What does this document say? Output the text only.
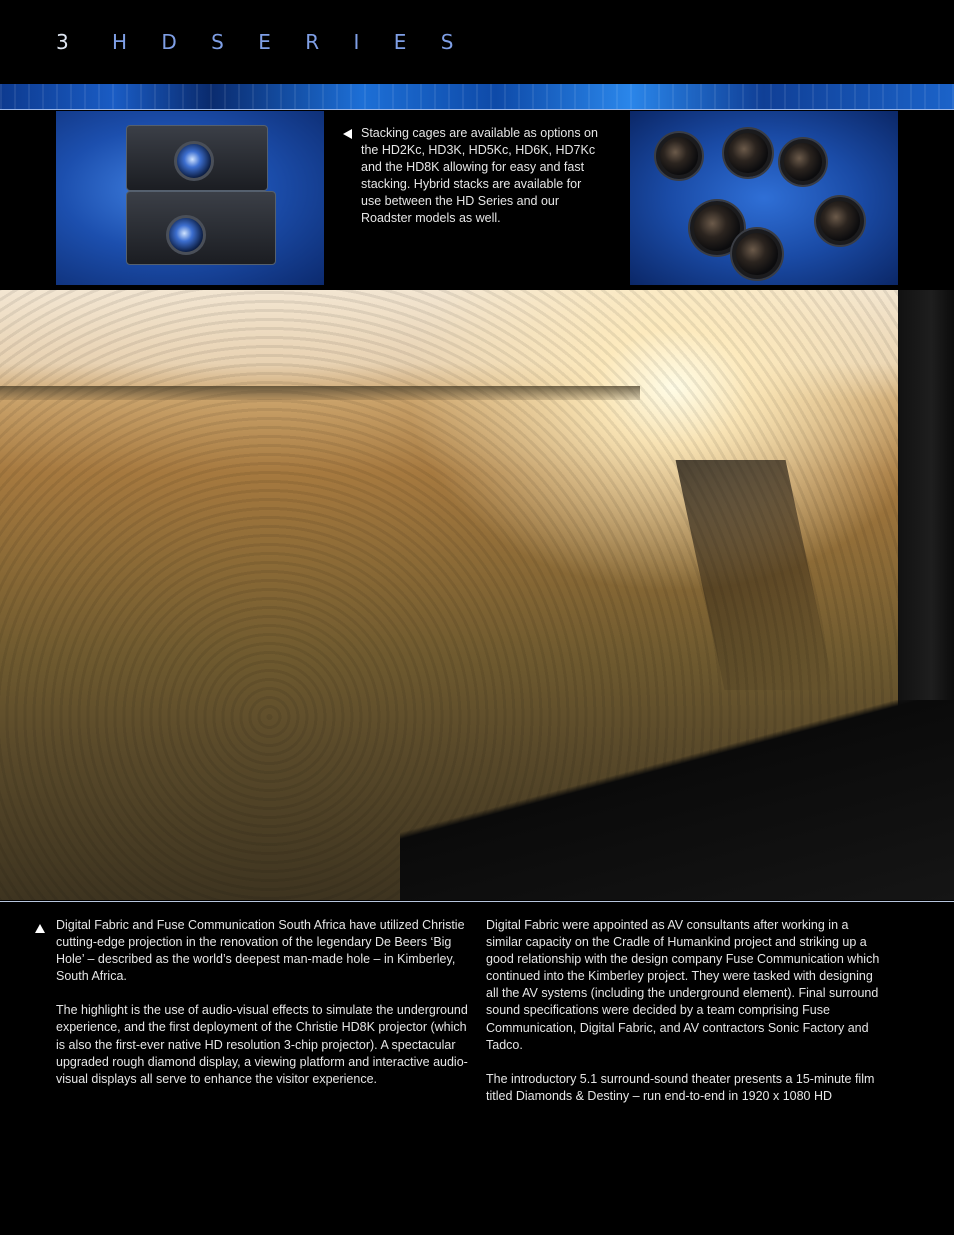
3 H D S E R I E S
Stacking cages are available as options on the HD2Kc, HD3K, HD5Kc, HD6K, HD7Kc and the HD8K allowing for easy and fast stacking. Hybrid stacks are available for use between the HD Series and our Roadster models as well.

Digital Fabric and Fuse Communication South Africa have utilized Christie cutting-edge projection in the renovation of the legendary De Beers ‘Big Hole’ – described as the world’s deepest man-made hole – in Kimberley, South Africa.

The highlight is the use of audio-visual effects to simulate the underground experience, and the first deployment of the Christie HD8K projector (which is also the first-ever native HD resolution 3-chip projector). A spectacular upgraded rough diamond display, a viewing platform and interactive audio-visual displays all serve to enhance the visitor experience.

Digital Fabric were appointed as AV consultants after working in a similar capacity on the Cradle of Humankind project and striking up a good relationship with the design company Fuse Communication which continued into the Kimberley project. They were tasked with designing all the AV systems (including the underground element). Final surround sound specifications were decided by a team comprising Fuse Communication, Digital Fabric, and AV contractors Sonic Factory and Tadco.

The introductory 5.1 surround-sound theater presents a 15-minute film titled Diamonds & Destiny – run end-to-end in 1920 x 1080 HD
